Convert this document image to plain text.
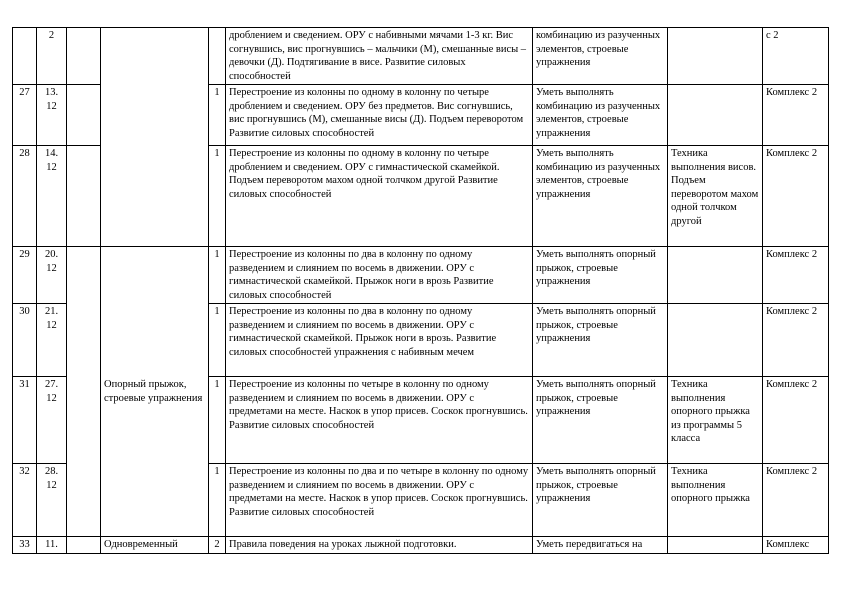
	2				дроблением и сведением. ОРУ с набивными мячами 1-3 кг. Вис согнувшись, вис прогнувшись – мальчики (М), смешанные висы – девочки (Д). Подтягивание в висе. Развитие силовых способностей	комбинацию из разученных элементов, строевые упражнения		с 2
27	13. 12			1	Перестроение из колонны по одному в колонну по четыре дроблением и сведением. ОРУ без предметов. Вис согнувшись, вис прогнувшись (М), смешанные висы (Д). Подъем переворотом Развитие силовых способностей	Уметь выполнять комбинацию из разученных элементов, строевые упражнения		Комплекс 2
28	14. 12			1	Перестроение из колонны по одному в колонну по четыре дроблением и сведением. ОРУ с гимнастической скамейкой. Подъем переворотом махом одной толчком другой Развитие силовых способностей	Уметь выполнять комбинацию из разученных элементов, строевые упражнения	Техника выполнения висов. Подъем переворотом махом одной толчком другой	Комплекс 2
29	20. 12		Опорный прыжок, строевые упражнения	1	Перестроение из колонны по два в колонну по одному разведением и слиянием по восемь в движении. ОРУ с гимнастической скамейкой. Прыжок ноги в врозь Развитие силовых способностей	Уметь выполнять опорный прыжок, строевые упражнения		Комплекс 2
30	21. 12			1	Перестроение из колонны по два в колонну по одному разведением и слиянием по восемь в движении. ОРУ с гимнастической скамейкой. Прыжок ноги в врозь. Развитие силовых способностей упражнения с набивным мечем	Уметь выполнять опорный прыжок, строевые упражнения		Комплекс 2
31	27. 12			1	Перестроение из колонны по четыре в колонну по одному разведением и слиянием по восемь в движении. ОРУ с предметами на месте. Наскок в упор присев. Соскок прогнувшись. Развитие силовых способностей	Уметь выполнять опорный прыжок, строевые упражнения	Техника выполнения опорного прыжка из программы 5 класса	Комплекс 2
32	28. 12			1	Перестроение из колонны по два и по четыре в колонну по одному разведением и слиянием по восемь в движении. ОРУ с предметами на месте. Наскок в упор присев. Соскок прогнувшись. Развитие силовых способностей	Уметь выполнять опорный прыжок, строевые упражнения	Техника выполнения опорного прыжка	Комплекс 2
33	11.		Одновременный	2	Правила поведения на уроках лыжной подготовки.	Уметь передвигаться на		Комплекс
